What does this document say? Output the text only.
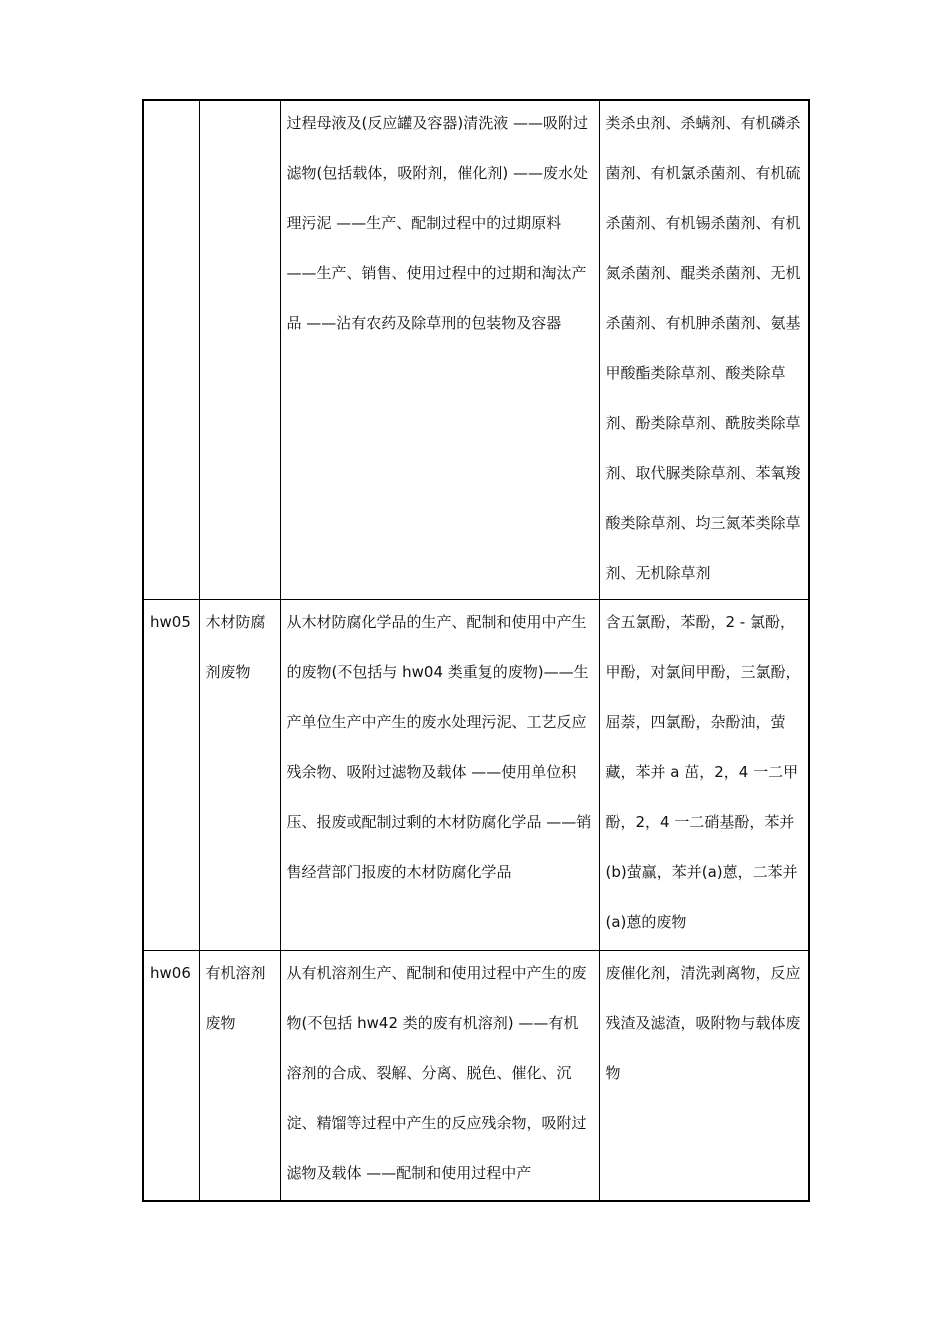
		过程母液及(反应罐及容器)清洗液 ——吸附过滤物(包括载体，吸附剂，催化剂) ——废水处理污泥 ——生产、配制过程中的过期原料 ——生产、销售、使用过程中的过期和淘汰产品 ——沾有农药及除草刑的包装物及容器	类杀虫剂、杀螨剂、有机磷杀菌剂、有机氯杀菌剂、有机硫杀菌剂、有机锡杀菌剂、有机氮杀菌剂、醌类杀菌剂、无机杀菌剂、有机胂杀菌剂、氨基甲酸酯类除草剂、酸类除草剂、酚类除草剂、酰胺类除草剂、取代脲类除草剂、苯氧羧酸类除草剂、均三氮苯类除草剂、无机除草剂

hw05	木材防腐剂废物	从木材防腐化学品的生产、配制和使用中产生的废物(不包括与 hw04 类重复的废物)——生产单位生产中产生的废水处理污泥、工艺反应残余物、吸附过滤物及载体 ——使用单位积压、报废或配制过剩的木材防腐化学品 ——销售经营部门报废的木材防腐化学品	含五氯酚，苯酚，2 - 氯酚，甲酚，对氯间甲酚，三氯酚，屈萘，四氯酚，杂酚油，萤藏，苯并 a 茁，2，4 一二甲酚，2，4 一二硝基酚，苯并(b)萤赢，苯并(a)蒽，二苯并(a)蒽的废物

hw06	有机溶剂废物	从有机溶剂生产、配制和使用过程中产生的废物(不包括 hw42 类的废有机溶剂) ——有机溶剂的合成、裂解、分离、脱色、催化、沉淀、精馏等过程中产生的反应残余物，吸附过滤物及载体 ——配制和使用过程中产	废催化剂，清洗剥离物，反应残渣及滤渣，吸附物与载体废物
